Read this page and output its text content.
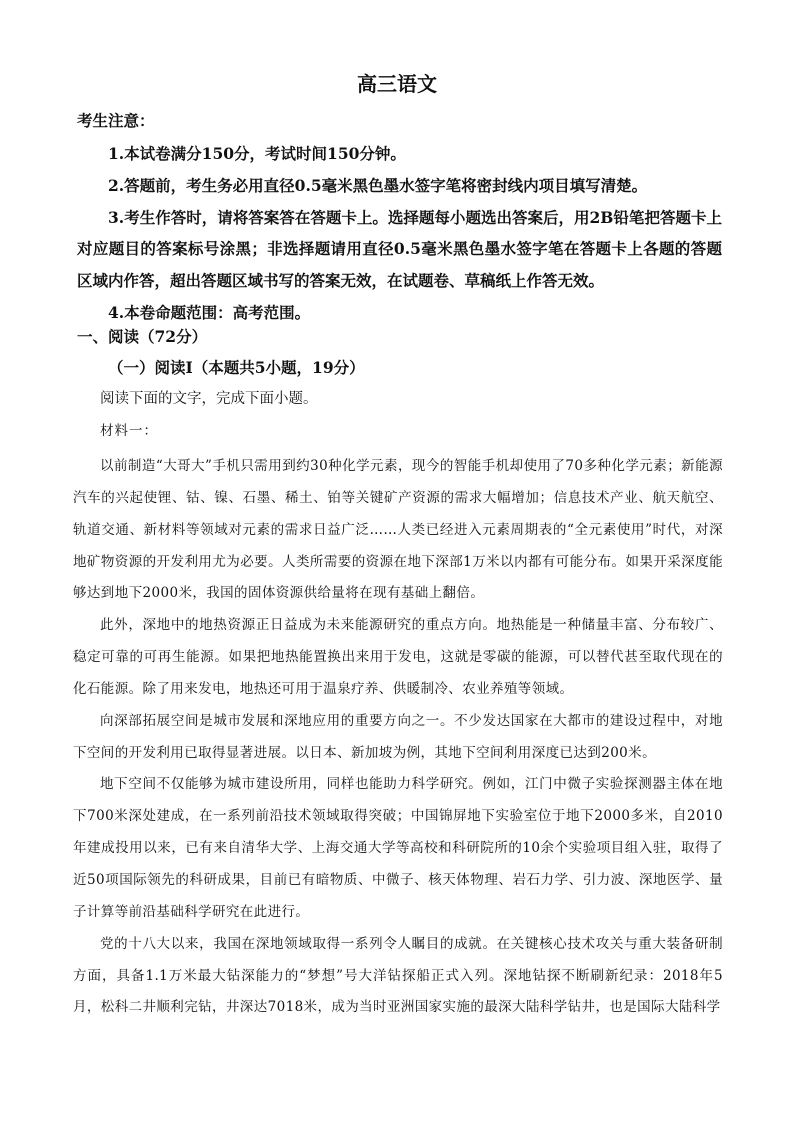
高三语文
考生注意：

1.本试卷满分150分，考试时间150分钟。

2.答题前，考生务必用直径0.5毫米黑色墨水签字笔将密封线内项目填写清楚。

3.考生作答时，请将答案答在答题卡上。选择题每小题选出答案后，用2B铅笔把答题卡上对应题目的答案标号涂黑；非选择题请用直径0.5毫米黑色墨水签字笔在答题卡上各题的答题区域内作答，超出答题区域书写的答案无效，在试题卷、草稿纸上作答无效。

4.本卷命题范围：高考范围。

一、阅读（72分）
（一）阅读Ⅰ（本题共5小题，19分）
阅读下面的文字，完成下面小题。
材料一：

以前制造“大哥大”手机只需用到约30种化学元素，现今的智能手机却使用了70多种化学元素；新能源汽车的兴起使锂、钴、镍、石墨、稀土、铂等关键矿产资源的需求大幅增加；信息技术产业、航天航空、轨道交通、新材料等领域对元素的需求日益广泛……人类已经进入元素周期表的“全元素使用”时代，对深地矿物资源的开发利用尤为必要。人类所需要的资源在地下深部1万米以内都有可能分布。如果开采深度能够达到地下2000米，我国的固体资源供给量将在现有基础上翻倍。

此外，深地中的地热资源正日益成为未来能源研究的重点方向。地热能是一种储量丰富、分布较广、稳定可靠的可再生能源。如果把地热能置换出来用于发电，这就是零碳的能源，可以替代甚至取代现在的化石能源。除了用来发电，地热还可用于温泉疗养、供暖制冷、农业养殖等领域。

向深部拓展空间是城市发展和深地应用的重要方向之一。不少发达国家在大都市的建设过程中，对地下空间的开发利用已取得显著进展。以日本、新加坡为例，其地下空间利用深度已达到200米。

地下空间不仅能够为城市建设所用，同样也能助力科学研究。例如，江门中微子实验探测器主体在地下700米深处建成，在一系列前沿技术领域取得突破；中国锦屏地下实验室位于地下2000多米，自2010年建成投用以来，已有来自清华大学、上海交通大学等高校和科研院所的10余个实验项目组入驻，取得了近50项国际领先的科研成果，目前已有暗物质、中微子、核天体物理、岩石力学、引力波、深地医学、量子计算等前沿基础科学研究在此进行。

党的十八大以来，我国在深地领域取得一系列令人瞩目的成就。在关键核心技术攻关与重大装备研制方面，具备1.1万米最大钻深能力的“梦想”号大洋钻探船正式入列。深地钻探不断刷新纪录：2018年5月，松科二井顺利完钻，井深达7018米，成为当时亚洲国家实施的最深大陆科学钻井，也是国际大陆科学
